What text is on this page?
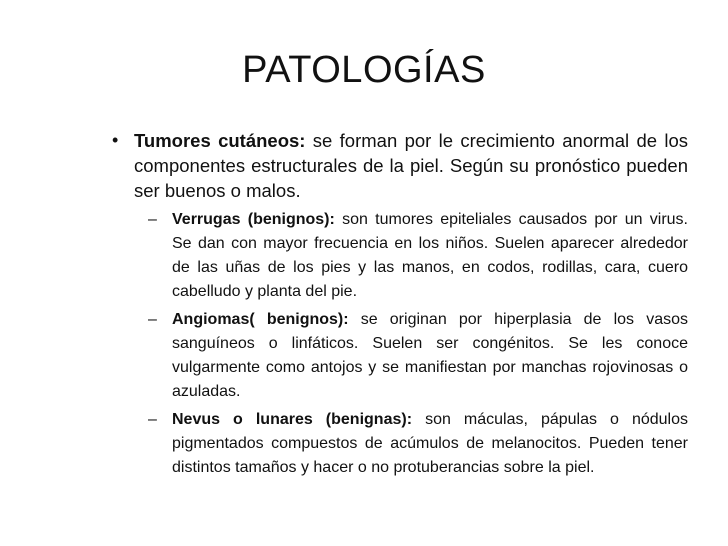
PATOLOGÍAS

• Tumores cutáneos: se forman por le crecimiento anormal de los componentes estructurales de la piel. Según su pronóstico pueden ser buenos o malos.

– Verrugas (benignos): son tumores epiteliales causados por un virus. Se dan con mayor frecuencia en los niños. Suelen aparecer alrededor de las uñas de los pies y las manos, en codos, rodillas, cara, cuero cabelludo y planta del pie.

– Angiomas( benignos): se originan por hiperplasia de los vasos sanguíneos o linfáticos. Suelen ser congénitos. Se les conoce vulgarmente como antojos y se manifiestan por manchas rojovinosas o azuladas.

– Nevus o lunares (benignas): son máculas, pápulas o nódulos pigmentados compuestos de acúmulos de melanocitos. Pueden tener distintos tamaños y hacer o no protuberancias sobre la piel.
